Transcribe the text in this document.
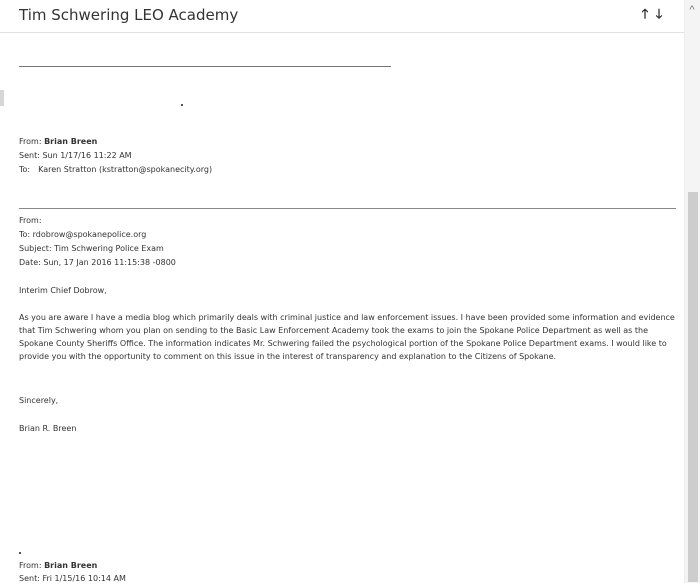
Tim Schwering LEO Academy	🡑 🡓	^
From: Brian Breen
Sent: Sun 1/17/16 11:22 AM
To: Karen Stratton (kstratton@spokanecity.org)
From:
To: rdobrow@spokanepolice.org
Subject: Tim Schwering Police Exam
Date: Sun, 17 Jan 2016 11:15:38 -0800
Interim Chief Dobrow,
As you are aware I have a media blog which primarily deals with criminal justice and law enforcement issues. I have been provided some information and evidence that Tim Schwering whom you plan on sending to the Basic Law Enforcement Academy took the exams to join the Spokane Police Department as well as the Spokane County Sheriffs Office. The information indicates Mr. Schwering failed the psychological portion of the Spokane Police Department exams. I would like to provide you with the opportunity to comment on this issue in the interest of transparency and explanation to the Citizens of Spokane.
Sincerely,
Brian R. Breen
From: Brian Breen
Sent: Fri 1/15/16 10:14 AM
